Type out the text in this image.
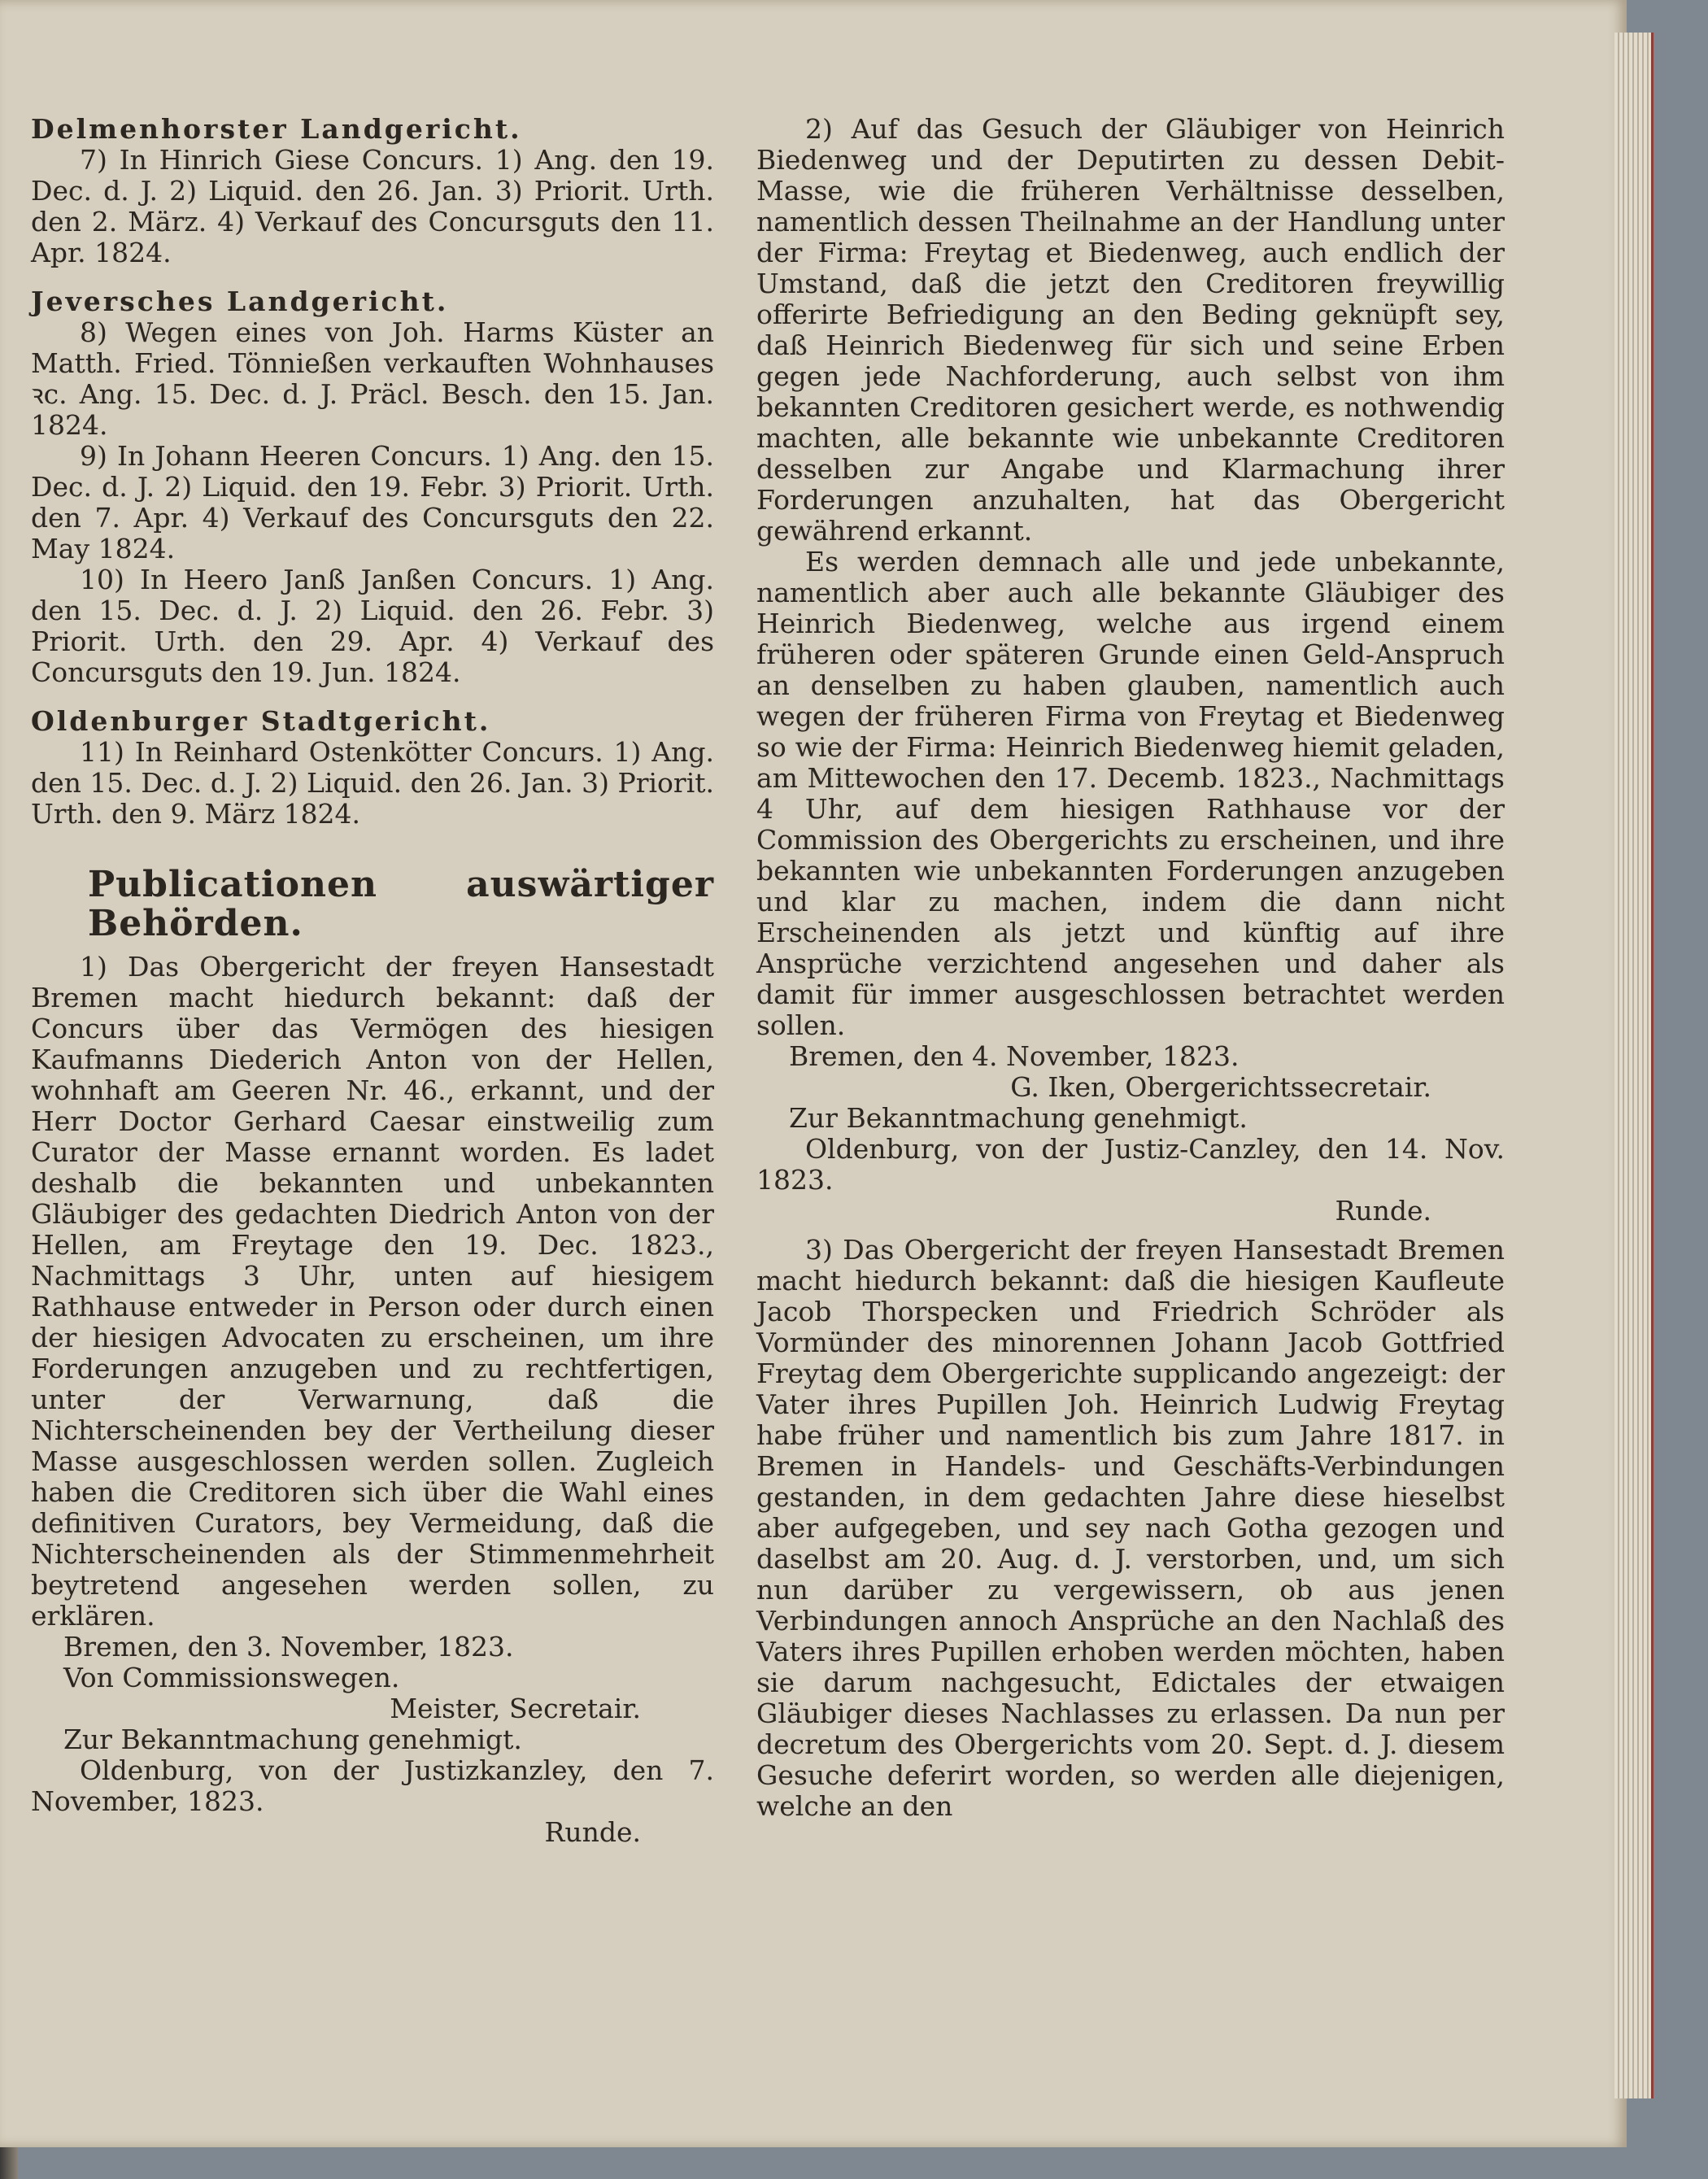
Delmenhorster Landgericht.

7) In Hinrich Giese Concurs. 1) Ang. den 19. Dec. d. J. 2) Liquid. den 26. Jan. 3) Priorit. Urth. den 2. März. 4) Verkauf des Concursguts den 11. Apr. 1824.

Jeversches Landgericht.

8) Wegen eines von Joh. Harms Küster an Matth. Fried. Tönnießen verkauften Wohnhauses ꝛc. Ang. 15. Dec. d. J. Präcl. Besch. den 15. Jan. 1824.

9) In Johann Heeren Concurs. 1) Ang. den 15. Dec. d. J. 2) Liquid. den 19. Febr. 3) Priorit. Urth. den 7. Apr. 4) Verkauf des Concursguts den 22. May 1824.

10) In Heero Janß Janßen Concurs. 1) Ang. den 15. Dec. d. J. 2) Liquid. den 26. Febr. 3) Priorit. Urth. den 29. Apr. 4) Verkauf des Concursguts den 19. Jun. 1824.

Oldenburger Stadtgericht.

11) In Reinhard Ostenkötter Concurs. 1) Ang. den 15. Dec. d. J. 2) Liquid. den 26. Jan. 3) Priorit. Urth. den 9. März 1824.

Publicationen auswärtiger Behörden.

1) Das Obergericht der freyen Hansestadt Bremen macht hiedurch bekannt: daß der Concurs über das Vermögen des hiesigen Kaufmanns Diederich Anton von der Hellen, wohnhaft am Geeren Nr. 46., erkannt, und der Herr Doctor Gerhard Caesar einstweilig zum Curator der Masse ernannt worden. Es ladet deshalb die bekannten und unbekannten Gläubiger des gedachten Diedrich Anton von der Hellen, am Freytage den 19. Dec. 1823., Nachmittags 3 Uhr, unten auf hiesigem Rathhause entweder in Person oder durch einen der hiesigen Advocaten zu erscheinen, um ihre Forderungen anzugeben und zu rechtfertigen, unter der Verwarnung, daß die Nichterscheinenden bey der Vertheilung dieser Masse ausgeschlossen werden sollen. Zugleich haben die Creditoren sich über die Wahl eines definitiven Curators, bey Vermeidung, daß die Nichterscheinenden als der Stimmenmehrheit beytretend angesehen werden sollen, zu erklären.

Bremen, den 3. November, 1823.

Von Commissionswegen.

Meister, Secretair.

Zur Bekanntmachung genehmigt.

Oldenburg, von der Justizkanzley, den 7. November, 1823.

Runde.

2) Auf das Gesuch der Gläubiger von Heinrich Biedenweg und der Deputirten zu dessen Debit-Masse, wie die früheren Verhältnisse desselben, namentlich dessen Theilnahme an der Handlung unter der Firma: Freytag et Biedenweg, auch endlich der Umstand, daß die jetzt den Creditoren freywillig offerirte Befriedigung an den Beding geknüpft sey, daß Heinrich Biedenweg für sich und seine Erben gegen jede Nachforderung, auch selbst von ihm bekannten Creditoren gesichert werde, es nothwendig machten, alle bekannte wie unbekannte Creditoren desselben zur Angabe und Klarmachung ihrer Forderungen anzuhalten, hat das Obergericht gewährend erkannt.

Es werden demnach alle und jede unbekannte, namentlich aber auch alle bekannte Gläubiger des Heinrich Biedenweg, welche aus irgend einem früheren oder späteren Grunde einen Geld-Anspruch an denselben zu haben glauben, namentlich auch wegen der früheren Firma von Freytag et Biedenweg so wie der Firma: Heinrich Biedenweg hiemit geladen, am Mittewochen den 17. Decemb. 1823., Nachmittags 4 Uhr, auf dem hiesigen Rathhause vor der Commission des Obergerichts zu erscheinen, und ihre bekannten wie unbekannten Forderungen anzugeben und klar zu machen, indem die dann nicht Erscheinenden als jetzt und künftig auf ihre Ansprüche verzichtend angesehen und daher als damit für immer ausgeschlossen betrachtet werden sollen.

Bremen, den 4. November, 1823.

G. Iken, Obergerichtssecretair.

Zur Bekanntmachung genehmigt.

Oldenburg, von der Justiz-Canzley, den 14. Nov. 1823.

Runde.

3) Das Obergericht der freyen Hansestadt Bremen macht hiedurch bekannt: daß die hiesigen Kaufleute Jacob Thorspecken und Friedrich Schröder als Vormünder des minorennen Johann Jacob Gottfried Freytag dem Obergerichte supplicando angezeigt: der Vater ihres Pupillen Joh. Heinrich Ludwig Freytag habe früher und namentlich bis zum Jahre 1817. in Bremen in Handels- und Geschäfts-Verbindungen gestanden, in dem gedachten Jahre diese hieselbst aber aufgegeben, und sey nach Gotha gezogen und daselbst am 20. Aug. d. J. verstorben, und, um sich nun darüber zu vergewissern, ob aus jenen Verbindungen annoch Ansprüche an den Nachlaß des Vaters ihres Pupillen erhoben werden möchten, haben sie darum nachgesucht, Edictales der etwaigen Gläubiger dieses Nachlasses zu erlassen. Da nun per decretum des Obergerichts vom 20. Sept. d. J. diesem Gesuche deferirt worden, so werden alle diejenigen, welche an den
